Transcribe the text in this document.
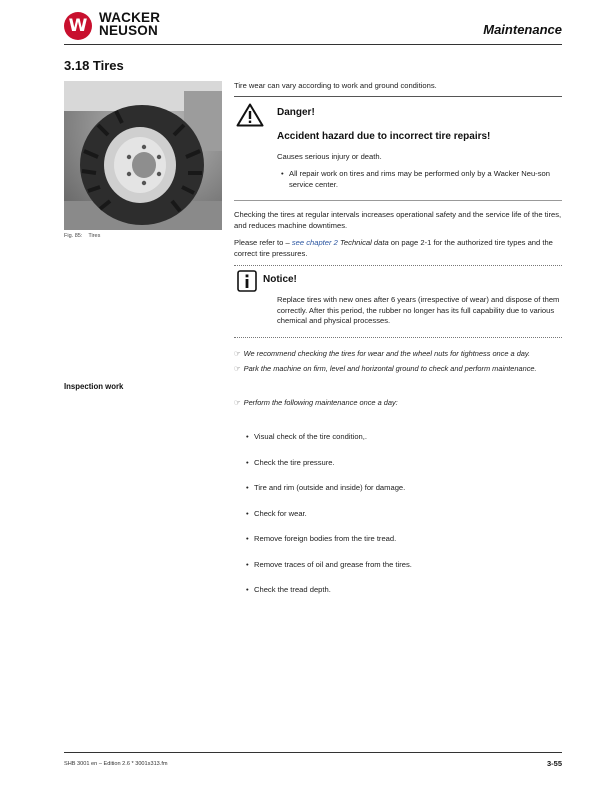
W WACKER
NEUSON	Maintenance
3.18 Tires
Fig. 85: Tires
Tire wear can vary according to work and ground conditions.
Danger!
Accident hazard due to incorrect tire repairs!
Causes serious injury or death.
• All repair work on tires and rims may be performed only by a Wacker Neu-son service center.
Checking the tires at regular intervals increases operational safety and the service life of the tires, and reduces machine downtimes.
Please refer to – see chapter 2 Technical data on page 2-1 for the authorized tire types and the correct tire pressures.
Notice!
Replace tires with new ones after 6 years (irrespective of wear) and dispose of them correctly. After this period, the rubber no longer has its full capability due to various chemical and physical processes.
☞ We recommend checking the tires for wear and the wheel nuts for tightness once a day.
☞ Park the machine on firm, level and horizontal ground to check and perform maintenance.
Inspection work
☞ Perform the following maintenance once a day:
• Visual check of the tire condition,.
• Check the tire pressure.
• Tire and rim (outside and inside) for damage.
• Check for wear.
• Remove foreign bodies from the tire tread.
• Remove traces of oil and grease from the tires.
• Check the tread depth.
SHB 3001 en – Edition 2.6 * 3001s313.fm	3-55
